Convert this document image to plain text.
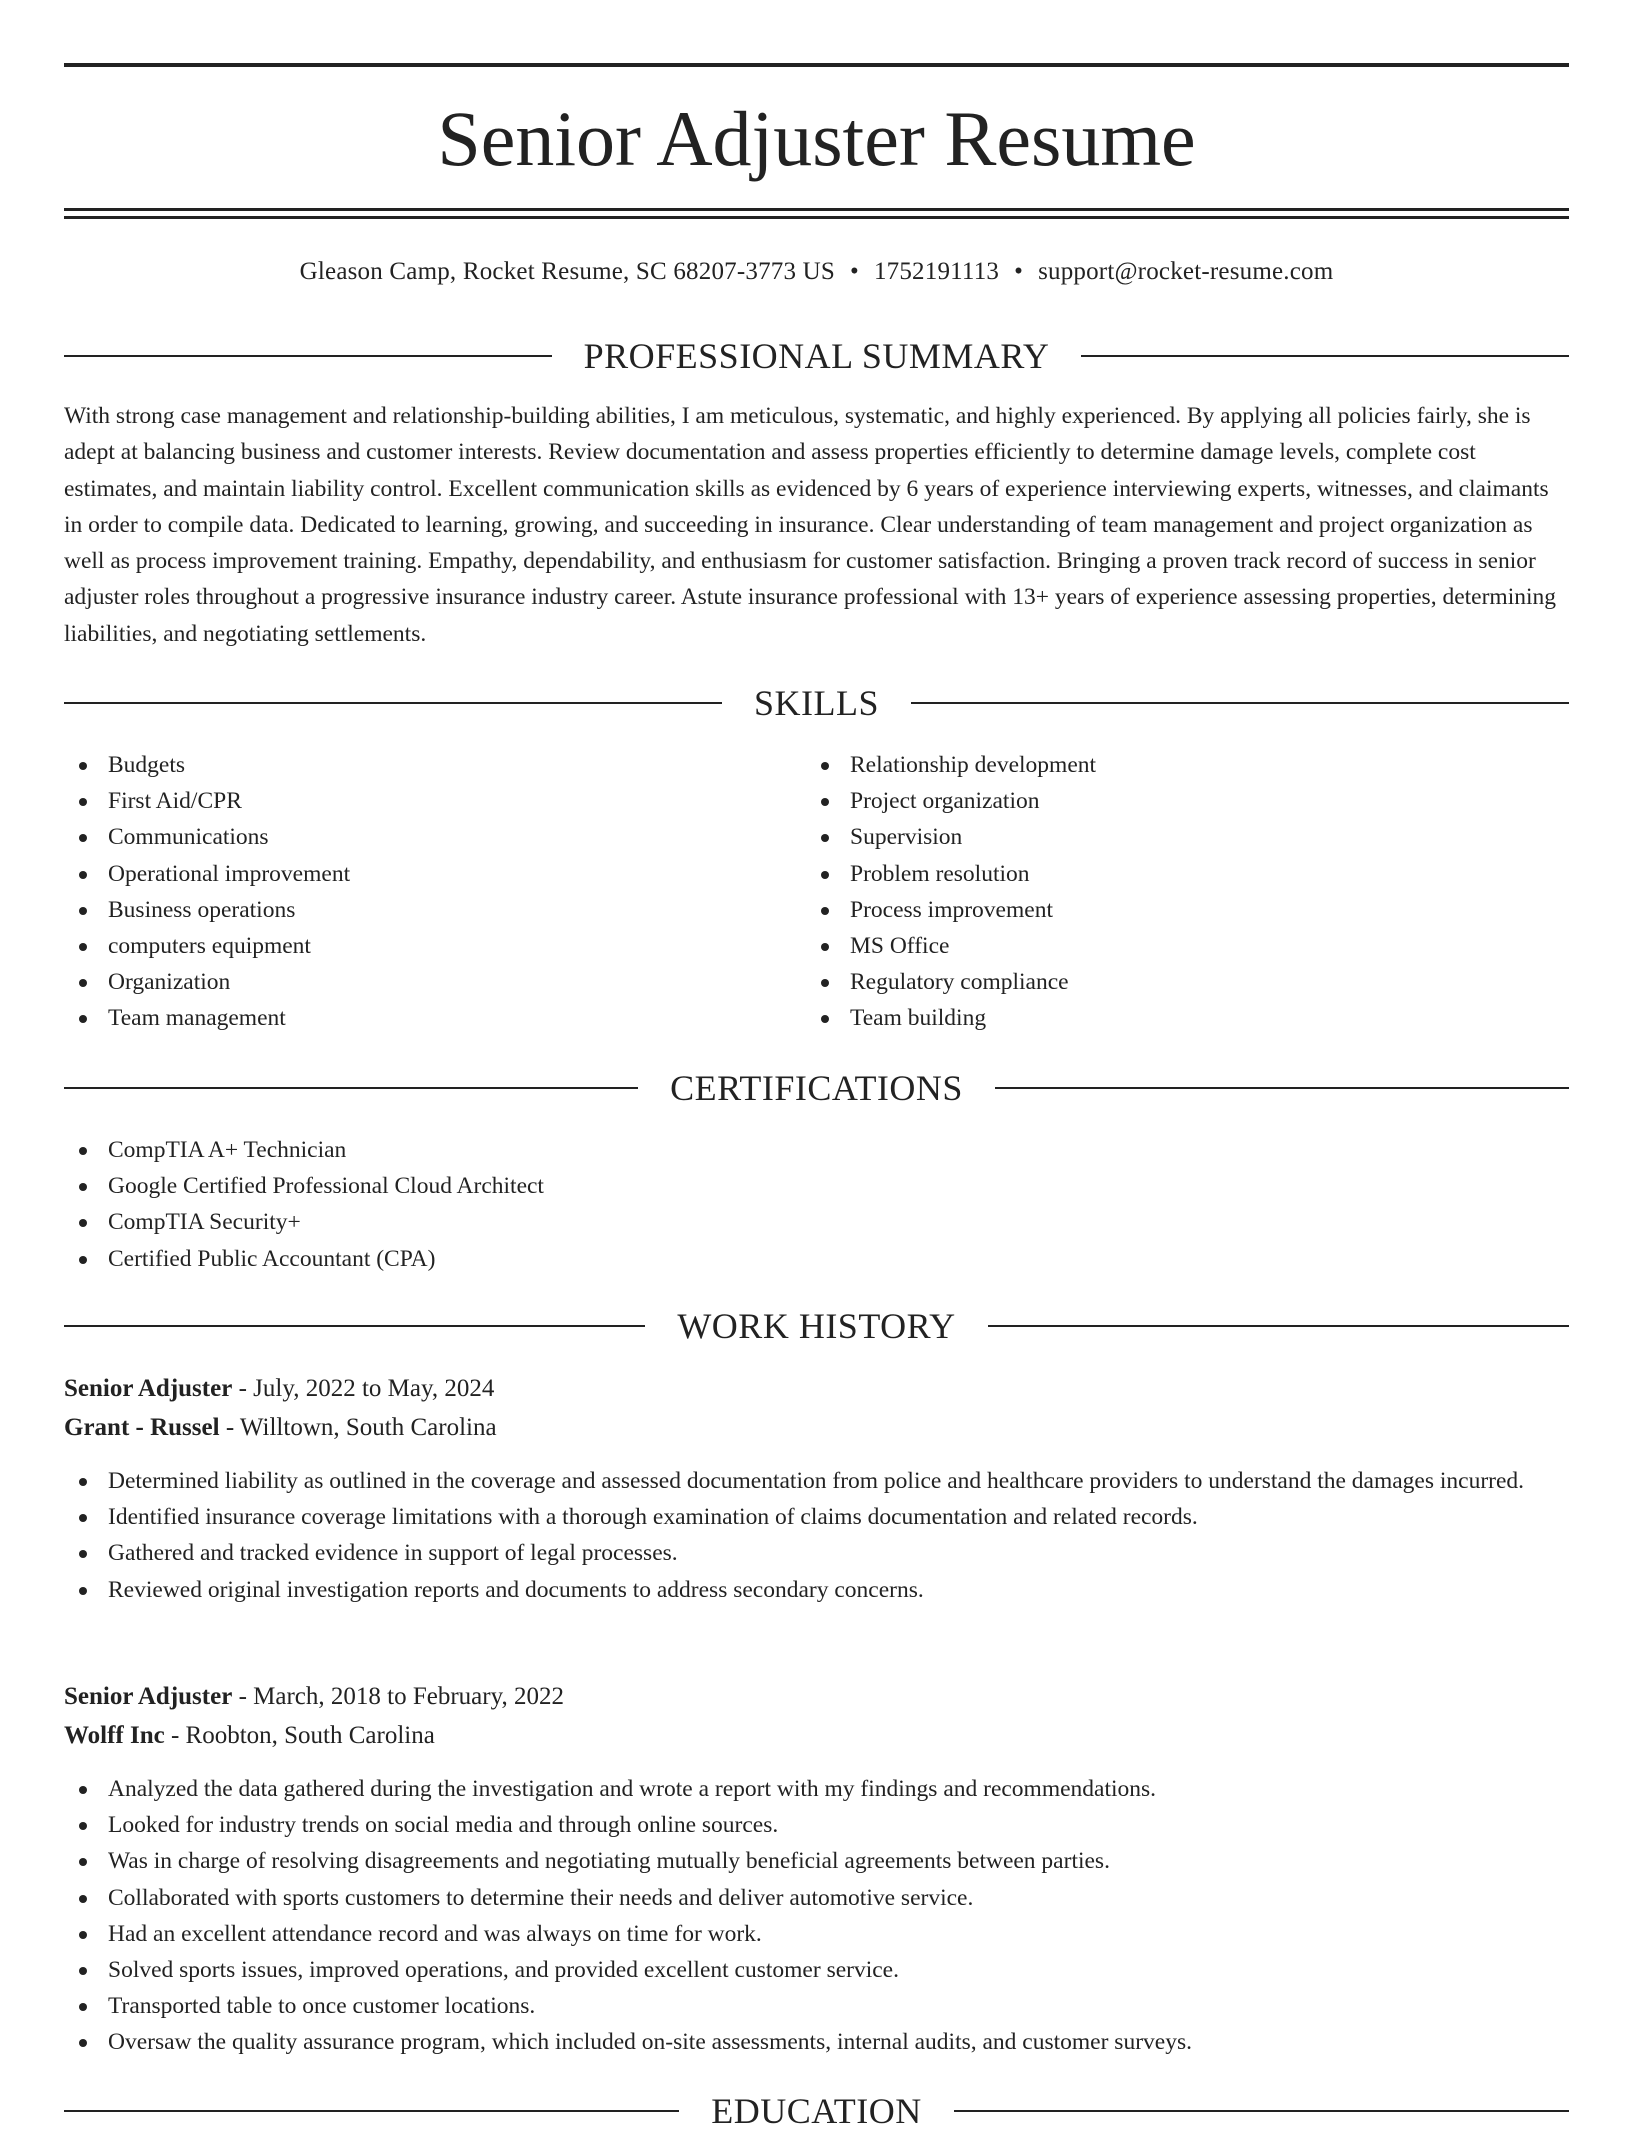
Senior Adjuster Resume
Gleason Camp, Rocket Resume, SC 68207-3773 US • 1752191113 • support@rocket-resume.com
PROFESSIONAL SUMMARY

With strong case management and relationship-building abilities, I am meticulous, systematic, and highly experienced. By applying all policies fairly, she is adept at balancing business and customer interests. Review documentation and assess properties efficiently to determine damage levels, complete cost estimates, and maintain liability control. Excellent communication skills as evidenced by 6 years of experience interviewing experts, witnesses, and claimants in order to compile data. Dedicated to learning, growing, and succeeding in insurance. Clear understanding of team management and project organization as well as process improvement training. Empathy, dependability, and enthusiasm for customer satisfaction. Bringing a proven track record of success in senior adjuster roles throughout a progressive insurance industry career. Astute insurance professional with 13+ years of experience assessing properties, determining liabilities, and negotiating settlements.

SKILLS
Budgets
First Aid/CPR
Communications
Operational improvement
Business operations
computers equipment
Organization
Team management
Relationship development
Project organization
Supervision
Problem resolution
Process improvement
MS Office
Regulatory compliance
Team building
CERTIFICATIONS
CompTIA A+ Technician
Google Certified Professional Cloud Architect
CompTIA Security+
Certified Public Accountant (CPA)
WORK HISTORY
Senior Adjuster - July, 2022 to May, 2024
Grant - Russel - Willtown, South Carolina
Determined liability as outlined in the coverage and assessed documentation from police and healthcare providers to understand the damages incurred.
Identified insurance coverage limitations with a thorough examination of claims documentation and related records.
Gathered and tracked evidence in support of legal processes.
Reviewed original investigation reports and documents to address secondary concerns.
Senior Adjuster - March, 2018 to February, 2022
Wolff Inc - Roobton, South Carolina
Analyzed the data gathered during the investigation and wrote a report with my findings and recommendations.
Looked for industry trends on social media and through online sources.
Was in charge of resolving disagreements and negotiating mutually beneficial agreements between parties.
Collaborated with sports customers to determine their needs and deliver automotive service.
Had an excellent attendance record and was always on time for work.
Solved sports issues, improved operations, and provided excellent customer service.
Transported table to once customer locations.
Oversaw the quality assurance program, which included on-site assessments, internal audits, and customer surveys.
EDUCATION
